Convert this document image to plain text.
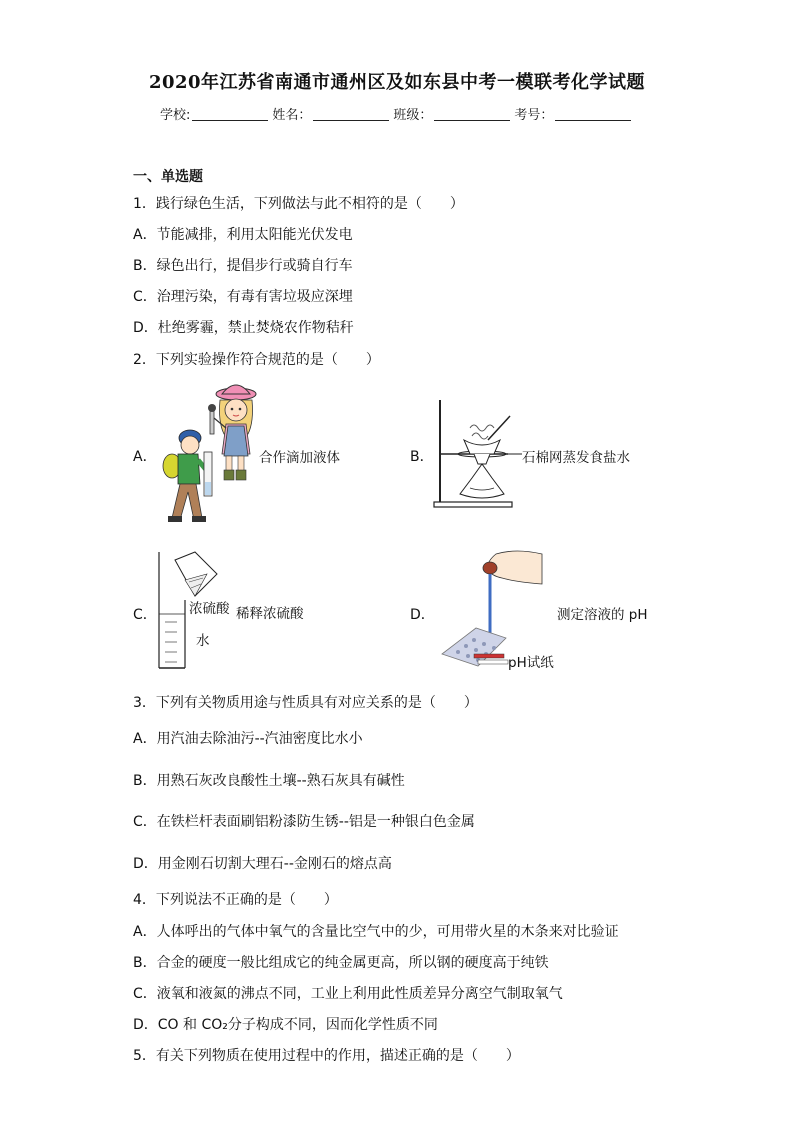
2020年江苏省南通市通州区及如东县中考一模联考化学试题
学校:	姓名：	班级：	考号：
一、单选题
1．践行绿色生活，下列做法与此不相符的是（　　）
A．节能减排，利用太阳能光伏发电
B．绿色出行，提倡步行或骑自行车
C．治理污染，有毒有害垃圾应深埋
D．杜绝雾霾，禁止焚烧农作物秸秆
2．下列实验操作符合规范的是（　　）
A．	合作滴加液体	B．	石棉网蒸发食盐水
C． 浓硫酸 稀释浓硫酸
水
D．	测定溶液的 pH
pH试纸
3．下列有关物质用途与性质具有对应关系的是（　　）
A．用汽油去除油污--汽油密度比水小
B．用熟石灰改良酸性土壤--熟石灰具有碱性
C．在铁栏杆表面刷铝粉漆防生锈--铝是一种银白色金属
D．用金刚石切割大理石--金刚石的熔点高
4．下列说法不正确的是（　　）
A．人体呼出的气体中氧气的含量比空气中的少，可用带火星的木条来对比验证
B．合金的硬度一般比组成它的纯金属更高，所以钢的硬度高于纯铁
C．液氧和液氮的沸点不同，工业上利用此性质差异分离空气制取氧气
D．CO 和 CO₂分子构成不同，因而化学性质不同
5．有关下列物质在使用过程中的作用，描述正确的是（　　）
